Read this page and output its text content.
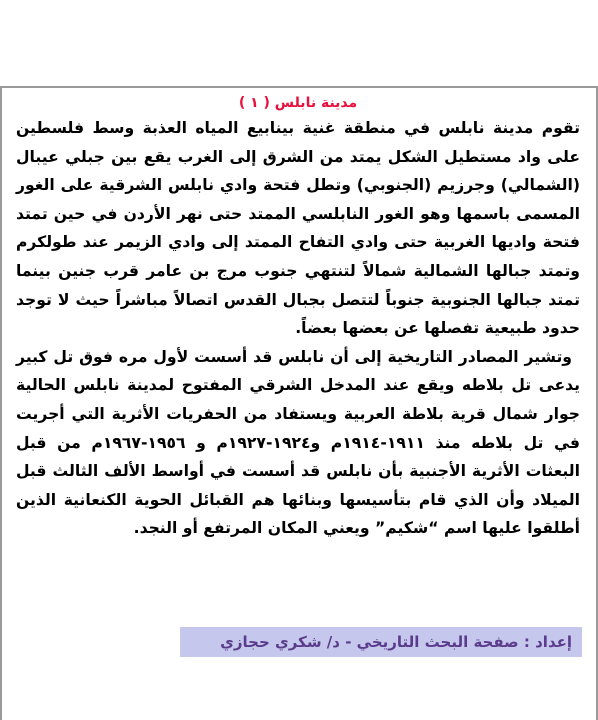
مدينة نابلس ( ١ )

تقوم مدينة نابلس في منطقة غنية بينابيع المياه العذبة وسط فلسطين على واد مستطيل الشكل يمتد من الشرق إلى الغرب يقع بين جبلي عيبال (الشمالي) وجرزيم (الجنوبي) وتطل فتحة وادي نابلس الشرقية على الغور المسمى باسمها وهو الغور النابلسي الممتد حتى نهر الأردن في حين تمتد فتحة واديها الغربية حتى وادي التفاح الممتد إلى وادي الزيمر عند طولكرم وتمتد جبالها الشمالية شمالاً لتنتهي جنوب مرج بن عامر قرب جنين بينما تمتد جبالها الجنوبية جنوباً لتتصل بجبال القدس اتصالاً مباشراً حيث لا توجد حدود طبيعية تفصلها عن بعضها بعضاً.

وتشير المصادر التاريخية إلى أن نابلس قد أسست لأول مره فوق تل كبير يدعى تل بلاطه ويقع عند المدخل الشرقي المفتوح لمدينة نابلس الحالية جوار شمال قرية بلاطة العربية ويستفاد من الحفريات الأثرية التي أجريت في تل بلاطه منذ ١٩١١-١٩١٤م و١٩٢٤-١٩٢٧م و ١٩٥٦-١٩٦٧م من قبل البعثات الأثرية الأجنبية بأن نابلس قد أسست في أواسط الألف الثالث قبل الميلاد وأن الذي قام بتأسيسها وبنائها هم القبائل الحوية الكنعانية الذين أطلقوا عليها اسم “شكيم” ويعني المكان المرتفع أو النجد.

إعداد : صفحة البحث التاريخي - د/ شكري حجازي
